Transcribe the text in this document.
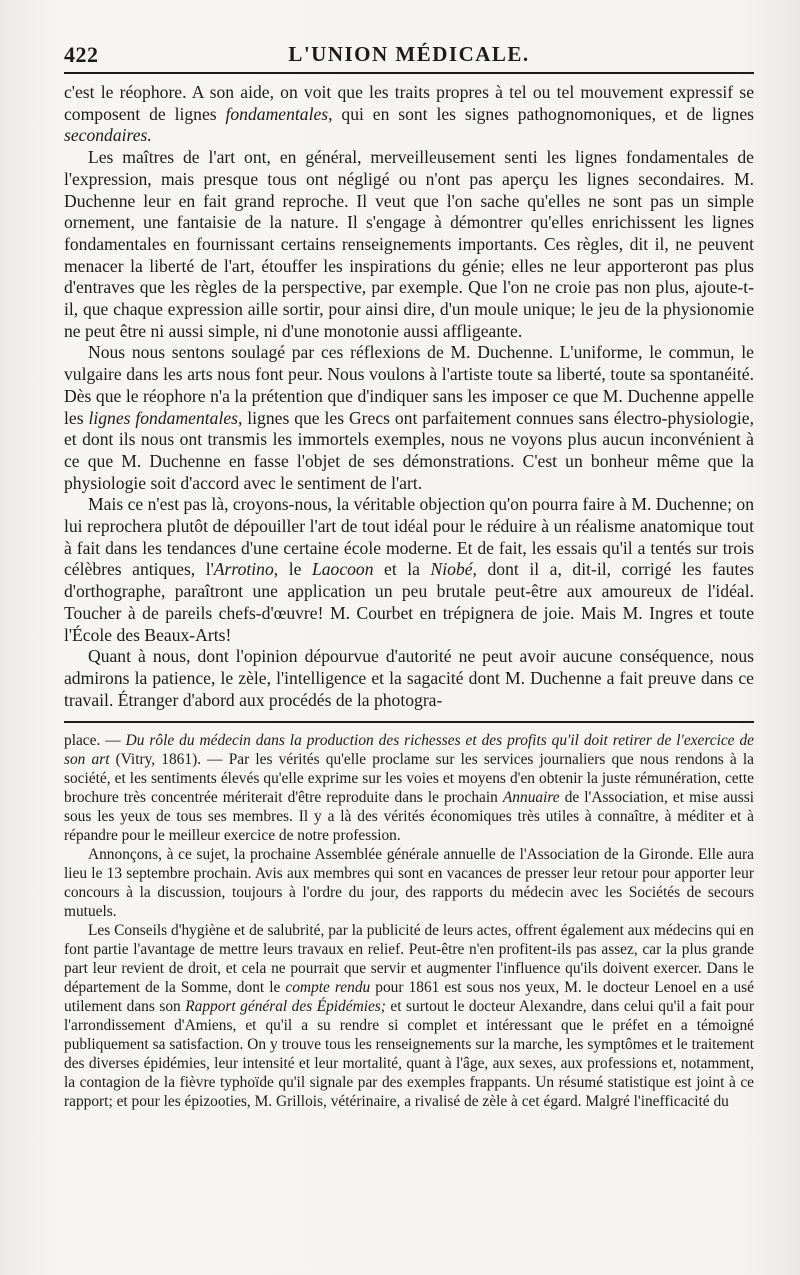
422	L'UNION MÉDICALE.

c'est le réophore. A son aide, on voit que les traits propres à tel ou tel mouvement expressif se composent de lignes fondamentales, qui en sont les signes pathognomoniques, et de lignes secondaires.

Les maîtres de l'art ont, en général, merveilleusement senti les lignes fondamentales de l'expression, mais presque tous ont négligé ou n'ont pas aperçu les lignes secondaires. M. Duchenne leur en fait grand reproche. Il veut que l'on sache qu'elles ne sont pas un simple ornement, une fantaisie de la nature. Il s'engage à démontrer qu'elles enrichissent les lignes fondamentales en fournissant certains renseignements importants. Ces règles, dit il, ne peuvent menacer la liberté de l'art, étouffer les inspirations du génie; elles ne leur apporteront pas plus d'entraves que les règles de la perspective, par exemple. Que l'on ne croie pas non plus, ajoute-t-il, que chaque expression aille sortir, pour ainsi dire, d'un moule unique; le jeu de la physionomie ne peut être ni aussi simple, ni d'une monotonie aussi affligeante.

Nous nous sentons soulagé par ces réflexions de M. Duchenne. L'uniforme, le commun, le vulgaire dans les arts nous font peur. Nous voulons à l'artiste toute sa liberté, toute sa spontanéité. Dès que le réophore n'a la prétention que d'indiquer sans les imposer ce que M. Duchenne appelle les lignes fondamentales, lignes que les Grecs ont parfaitement connues sans électro-physiologie, et dont ils nous ont transmis les immortels exemples, nous ne voyons plus aucun inconvénient à ce que M. Duchenne en fasse l'objet de ses démonstrations. C'est un bonheur même que la physiologie soit d'accord avec le sentiment de l'art.

Mais ce n'est pas là, croyons-nous, la véritable objection qu'on pourra faire à M. Duchenne; on lui reprochera plutôt de dépouiller l'art de tout idéal pour le réduire à un réalisme anatomique tout à fait dans les tendances d'une certaine école moderne. Et de fait, les essais qu'il a tentés sur trois célèbres antiques, l'Arrotino, le Laocoon et la Niobé, dont il a, dit-il, corrigé les fautes d'orthographe, paraîtront une application un peu brutale peut-être aux amoureux de l'idéal. Toucher à de pareils chefs-d'œuvre! M. Courbet en trépignera de joie. Mais M. Ingres et toute l'École des Beaux-Arts!

Quant à nous, dont l'opinion dépourvue d'autorité ne peut avoir aucune conséquence, nous admirons la patience, le zèle, l'intelligence et la sagacité dont M. Duchenne a fait preuve dans ce travail. Étranger d'abord aux procédés de la photogra-

place. — Du rôle du médecin dans la production des richesses et des profits qu'il doit retirer de l'exercice de son art (Vitry, 1861). — Par les vérités qu'elle proclame sur les services journaliers que nous rendons à la société, et les sentiments élevés qu'elle exprime sur les voies et moyens d'en obtenir la juste rémunération, cette brochure très concentrée mériterait d'être reproduite dans le prochain Annuaire de l'Association, et mise aussi sous les yeux de tous ses membres. Il y a là des vérités économiques très utiles à connaître, à méditer et à répandre pour le meilleur exercice de notre profession.

Annonçons, à ce sujet, la prochaine Assemblée générale annuelle de l'Association de la Gironde. Elle aura lieu le 13 septembre prochain. Avis aux membres qui sont en vacances de presser leur retour pour apporter leur concours à la discussion, toujours à l'ordre du jour, des rapports du médecin avec les Sociétés de secours mutuels.

Les Conseils d'hygiène et de salubrité, par la publicité de leurs actes, offrent également aux médecins qui en font partie l'avantage de mettre leurs travaux en relief. Peut-être n'en profitent-ils pas assez, car la plus grande part leur revient de droit, et cela ne pourrait que servir et augmenter l'influence qu'ils doivent exercer. Dans le département de la Somme, dont le compte rendu pour 1861 est sous nos yeux, M. le docteur Lenoel en a usé utilement dans son Rapport général des Épidémies; et surtout le docteur Alexandre, dans celui qu'il a fait pour l'arrondissement d'Amiens, et qu'il a su rendre si complet et intéressant que le préfet en a témoigné publiquement sa satisfaction. On y trouve tous les renseignements sur la marche, les symptômes et le traitement des diverses épidémies, leur intensité et leur mortalité, quant à l'âge, aux sexes, aux professions et, notamment, la contagion de la fièvre typhoïde qu'il signale par des exemples frappants. Un résumé statistique est joint à ce rapport; et pour les épizooties, M. Grillois, vétérinaire, a rivalisé de zèle à cet égard. Malgré l'inefficacité du
